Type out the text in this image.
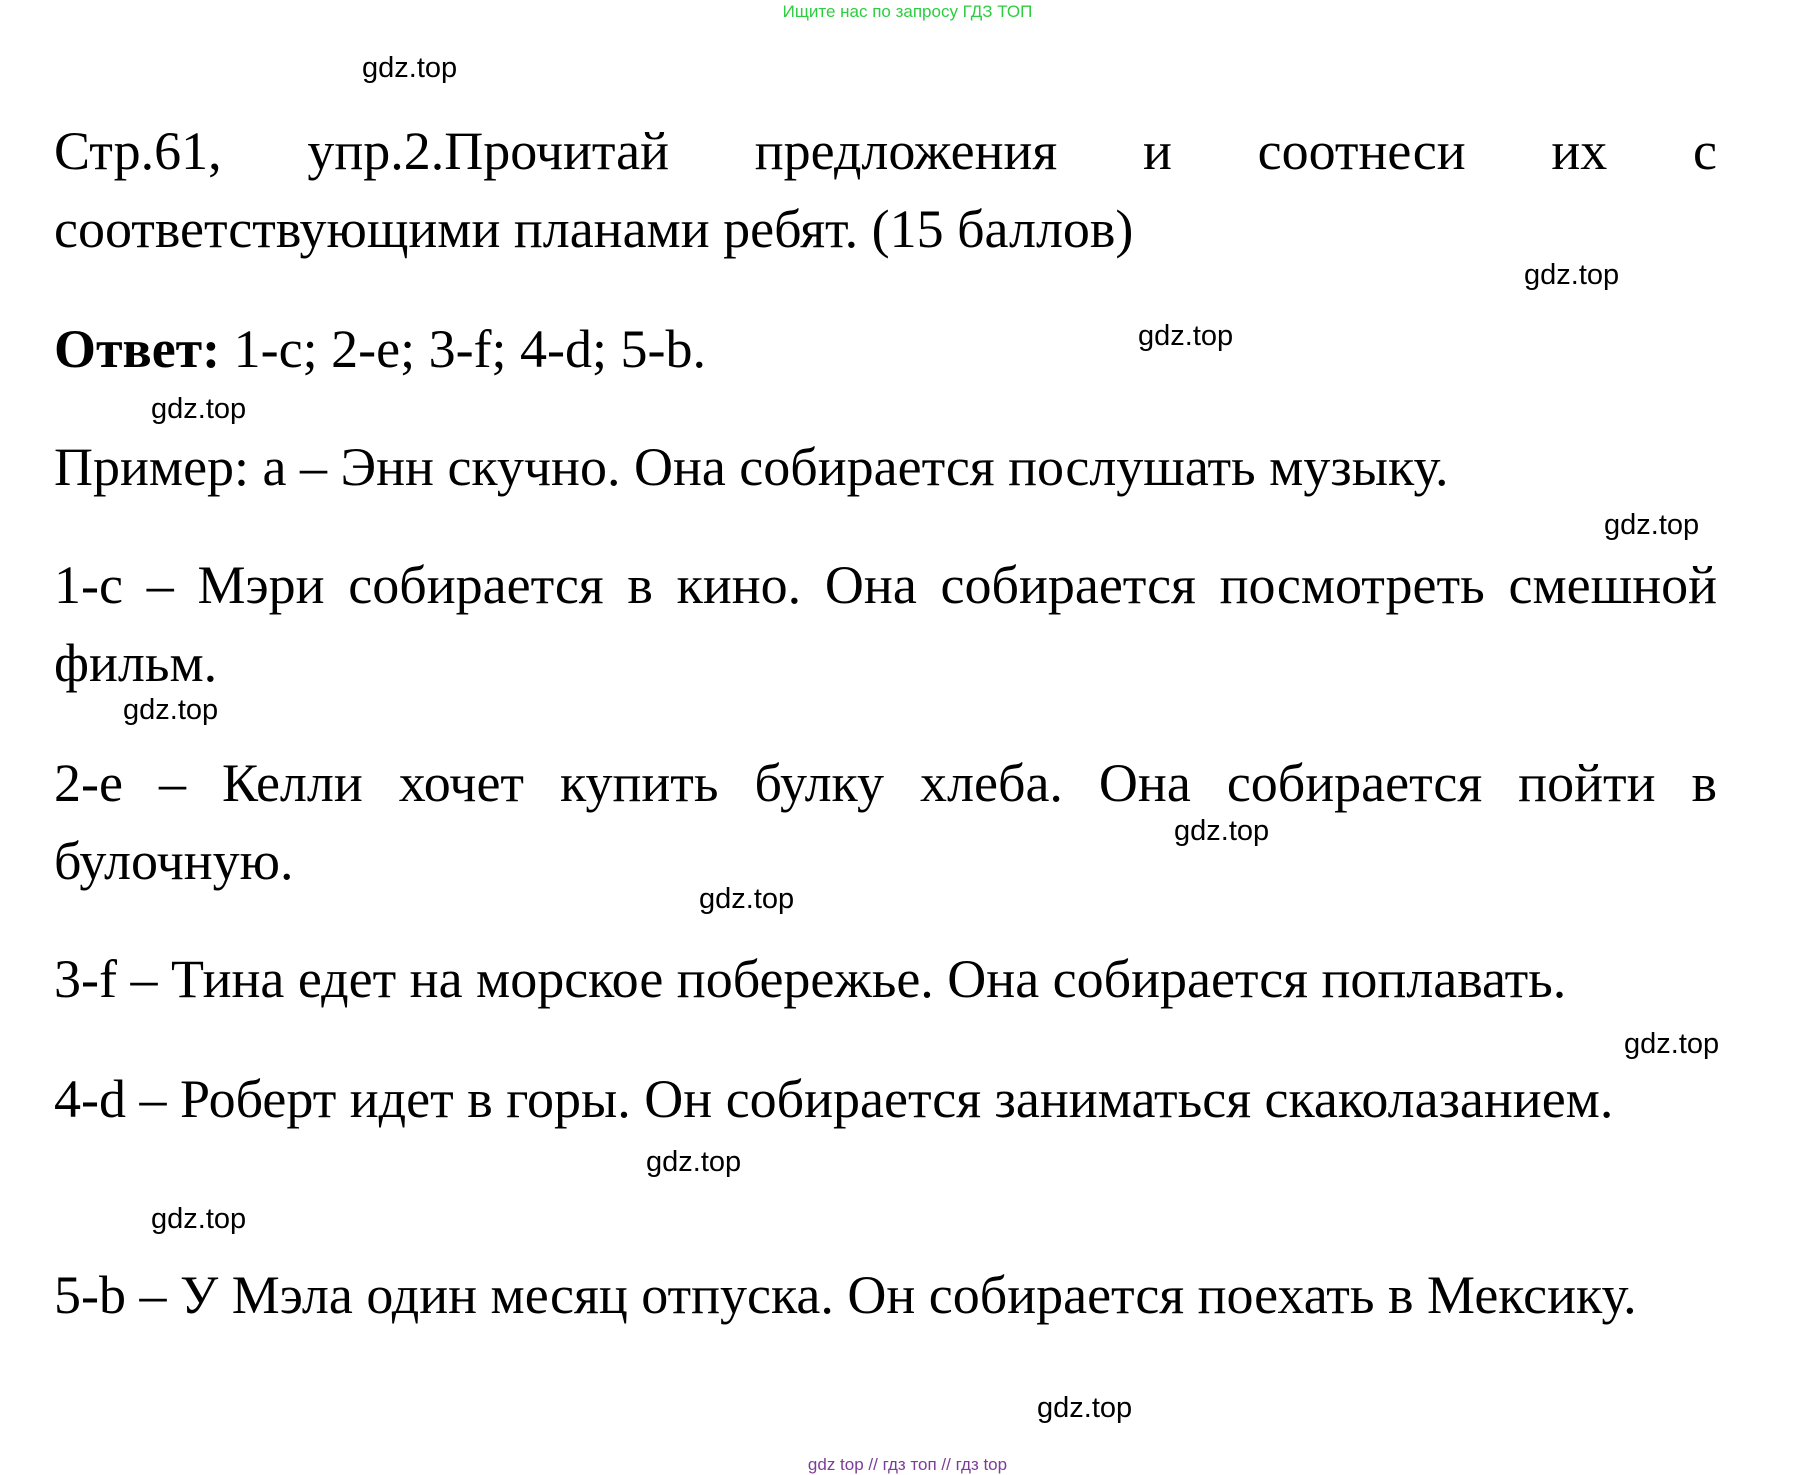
Ищите нас по запросу ГДЗ ТОП
gdz.top
gdz.top
gdz.top
gdz.top
gdz.top
gdz.top
gdz.top
gdz.top
gdz.top
gdz.top
gdz.top
gdz.top

Стр.61, упр.2.Прочитай предложения и соотнеси их с соответствующими планами ребят. (15 баллов)

Ответ: 1-c; 2-e; 3-f; 4-d; 5-b.

Пример: a – Энн скучно. Она собирается послушать музыку.

1-c – Мэри собирается в кино. Она собирается посмотреть смешной фильм.

2-e – Келли хочет купить булку хлеба. Она собирается пойти в булочную.

3-f – Тина едет на морское побережье. Она собирается поплавать.

4-d – Роберт идет в горы. Он собирается заниматься скаколазанием.

5-b – У Мэла один месяц отпуска. Он собирается поехать в Мексику.

gdz top // гдз топ // гдз top
